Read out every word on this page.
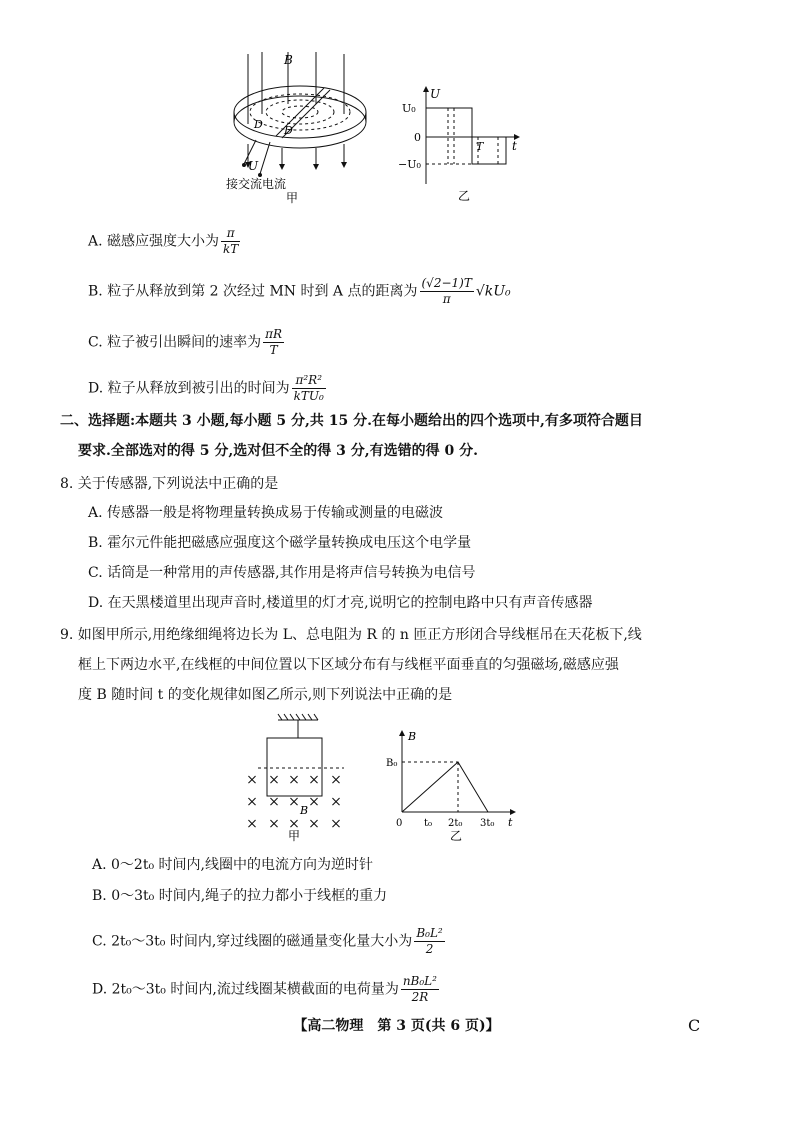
B
U
D D
接交流电流
甲
U
U₀
0
−U₀
T t
乙
A. 磁感应强度大小为 $\frac{\pi}{kT}$
B. 粒子从释放到第 2 次经过 MN 时到 A 点的距离为 $\frac{(√2-1)T}{\pi} √kU_0$
C. 粒子被引出瞬间的速率为 $\frac{\pi R}{T}$
D. 粒子从释放到被引出的时间为 $\frac{\text{π²R²}}{\text{kTU₀}}$
二、选择题:本题共 3 小题,每小题 5 分,共 15 分.在每小题给出的四个选项中,有多项符合题目
要求.全部选对的得 5 分,选对但不全的得 3 分,有选错的得 0 分.
8. 关于传感器,下列说法中正确的是
A. 传感器一般是将物理量转换成易于传输或测量的电磁波
B. 霍尔元件能把磁感应强度这个磁学量转换成电压这个电学量
C. 话筒是一种常用的声传感器,其作用是将声信号转换为电信号
D. 在天黑楼道里出现声音时,楼道里的灯才亮,说明它的控制电路中只有声音传感器
9. 如图甲所示,用绝缘细绳将边长为 L、总电阻为 R 的 n 匝正方形闭合导线框吊在天花板下,线
框上下两边水平,在线框的中间位置以下区域分布有与线框平面垂直的匀强磁场,磁感应强
度 B 随时间 t 的变化规律如图乙所示,则下列说法中正确的是
× × × × ×
× × × × ×
× × × × ×
B
甲
B
B₀
0 t₀ 2t₀ 3t₀ t
乙
A. 0～2t₀ 时间内,线圈中的电流方向为逆时针
B. 0～3t₀ 时间内,绳子的拉力都小于线框的重力
C. 2t₀～3t₀ 时间内,穿过线圈的磁通量变化量大小为 $\frac{\text{B₀L²}}{2}$
D. 2t₀～3t₀ 时间内,流过线圈某横截面的电荷量为 $\frac{\text{nB₀L²}}{2R}$
【高二物理　第 3 页(共 6 页)】	C
